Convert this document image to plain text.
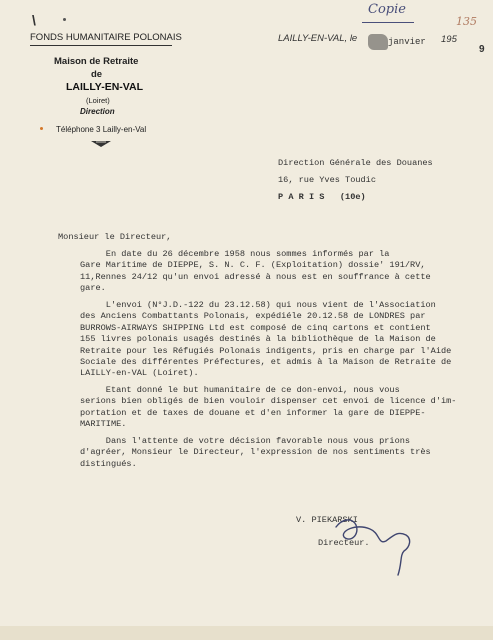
\
FONDS HUMANITAIRE POLONAIS
Maison de Retraite
de
LAILLY-EN-VAL
(Loiret)
Direction
Téléphone 3 Lailly-en-Val
LAILLY-EN-VAL, le	janvier 195
9
Copie
135
Direction Générale des Douanes
16, rue Yves Toudic
P A R I S   (10e)
Monsieur le Directeur,
En date du 26 décembre 1958 nous sommes informés par la
Gare Maritime de DIEPPE, S. N. C. F. (Exploitation) dossie' 191/RV,
11,Rennes 24/12 qu'un envoi adressé à nous est en souffrance à cette
gare.
L'envoi (N°J.D.-122 du 23.12.58) qui nous vient de l'Association
des Anciens Combattants Polonais, expédiéle 20.12.58 de LONDRES par
BURROWS-AIRWAYS SHIPPING Ltd est composé de cinq cartons et contient
155 livres polonais usagés destinés à la bibliothèque de la Maison de
Retraite pour les Réfugiés Polonais indigents, pris en charge par l'Aide
Sociale des différentes Préfectures, et admis à la Maison de Retraite de
LAILLY-en-VAL (Loiret).
Etant donné le but humanitaire de ce don-envoi, nous vous
serions bien obligés de bien vouloir dispenser cet envoi de licence d'im-
portation et de taxes de douane et d'en informer la gare de DIEPPE-
MARITIME.
Dans l'attente de votre décision favorable nous vous prions
d'agréer, Monsieur le Directeur, l'expression de nos sentiments très
distingués.
V. PIEKARSKI
Directeur.
